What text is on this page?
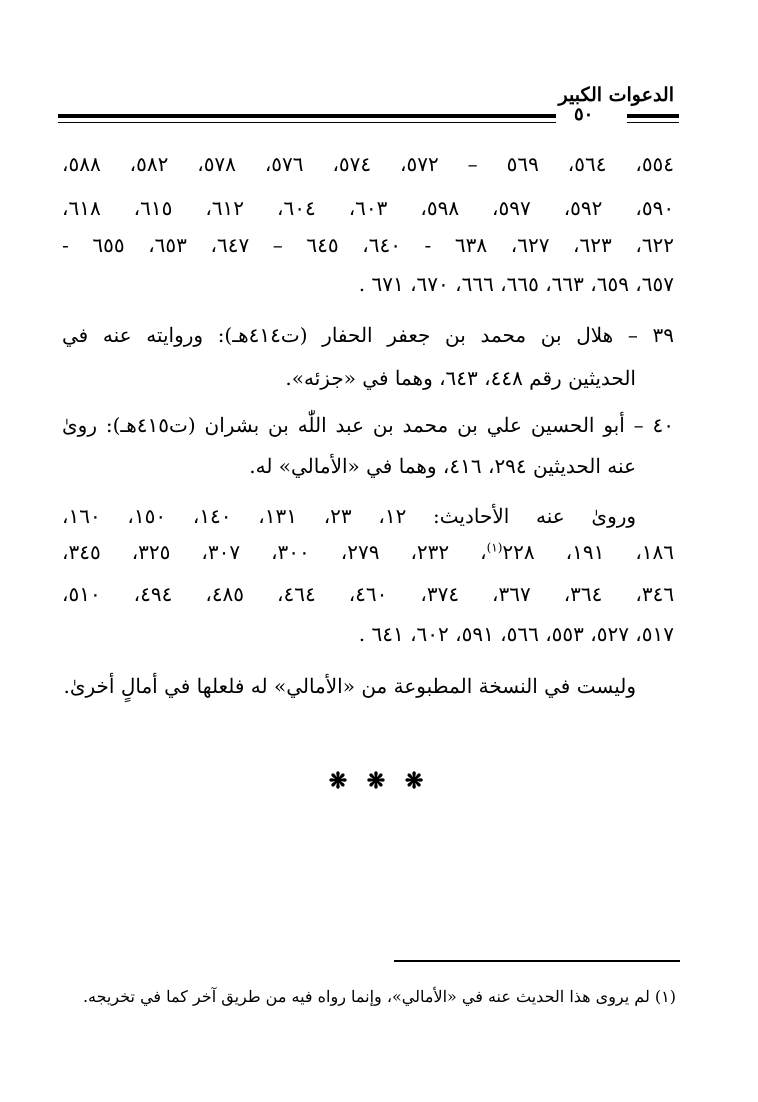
الدعوات الكبير
٥٠
٥٥٤، ٥٦٤، ٥٦٩ – ٥٧٢، ٥٧٤، ٥٧٦، ٥٧٨، ٥٨٢، ٥٨٨،
٥٩٠، ٥٩٢، ٥٩٧، ٥٩٨، ٦٠٣، ٦٠٤، ٦١٢، ٦١٥، ٦١٨،
٦٢٢، ٦٢٣، ٦٢٧، ٦٣٨ - ٦٤٠، ٦٤٥ – ٦٤٧، ٦٥٣، ٦٥٥ -
٦٥٧، ٦٥٩، ٦٦٣، ٦٦٥، ٦٦٦، ٦٧٠، ٦٧١ .
٣٩ – هلال بن محمد بن جعفر الحفار (ت٤١٤هـ): وروايته عنه في
الحديثين رقم ٤٤٨، ٦٤٣، وهما في «جزئه».
٤٠ – أبو الحسين علي بن محمد بن عبد اللّٰه بن بشران (ت٤١٥هـ): روىٰ
عنه الحديثين ٢٩٤، ٤١٦، وهما في «الأمالي» له.
وروىٰ عنه الأحاديث: ١٢، ٢٣، ١٣١، ١٤٠، ١٥٠، ١٦٠،
١٨٦، ١٩١، ٢٢٨$^{(١)}$، ٢٣٢، ٢٧٩، ٣٠٠، ٣٠٧، ٣٢٥، ٣٤٥،
٣٤٦، ٣٦٤، ٣٦٧، ٣٧٤، ٤٦٠، ٤٦٤، ٤٨٥، ٤٩٤، ٥١٠،
٥١٧، ٥٢٧، ٥٥٣، ٥٦٦، ٥٩١، ٦٠٢، ٦٤١ .
وليست في النسخة المطبوعة من «الأمالي» له فلعلها في أمالٍ أخرىٰ.
❋ ❋ ❋
(١) لم يروى هذا الحديث عنه في «الأمالي»، وإنما رواه فيه من طريق آخر كما في تخريجه.
